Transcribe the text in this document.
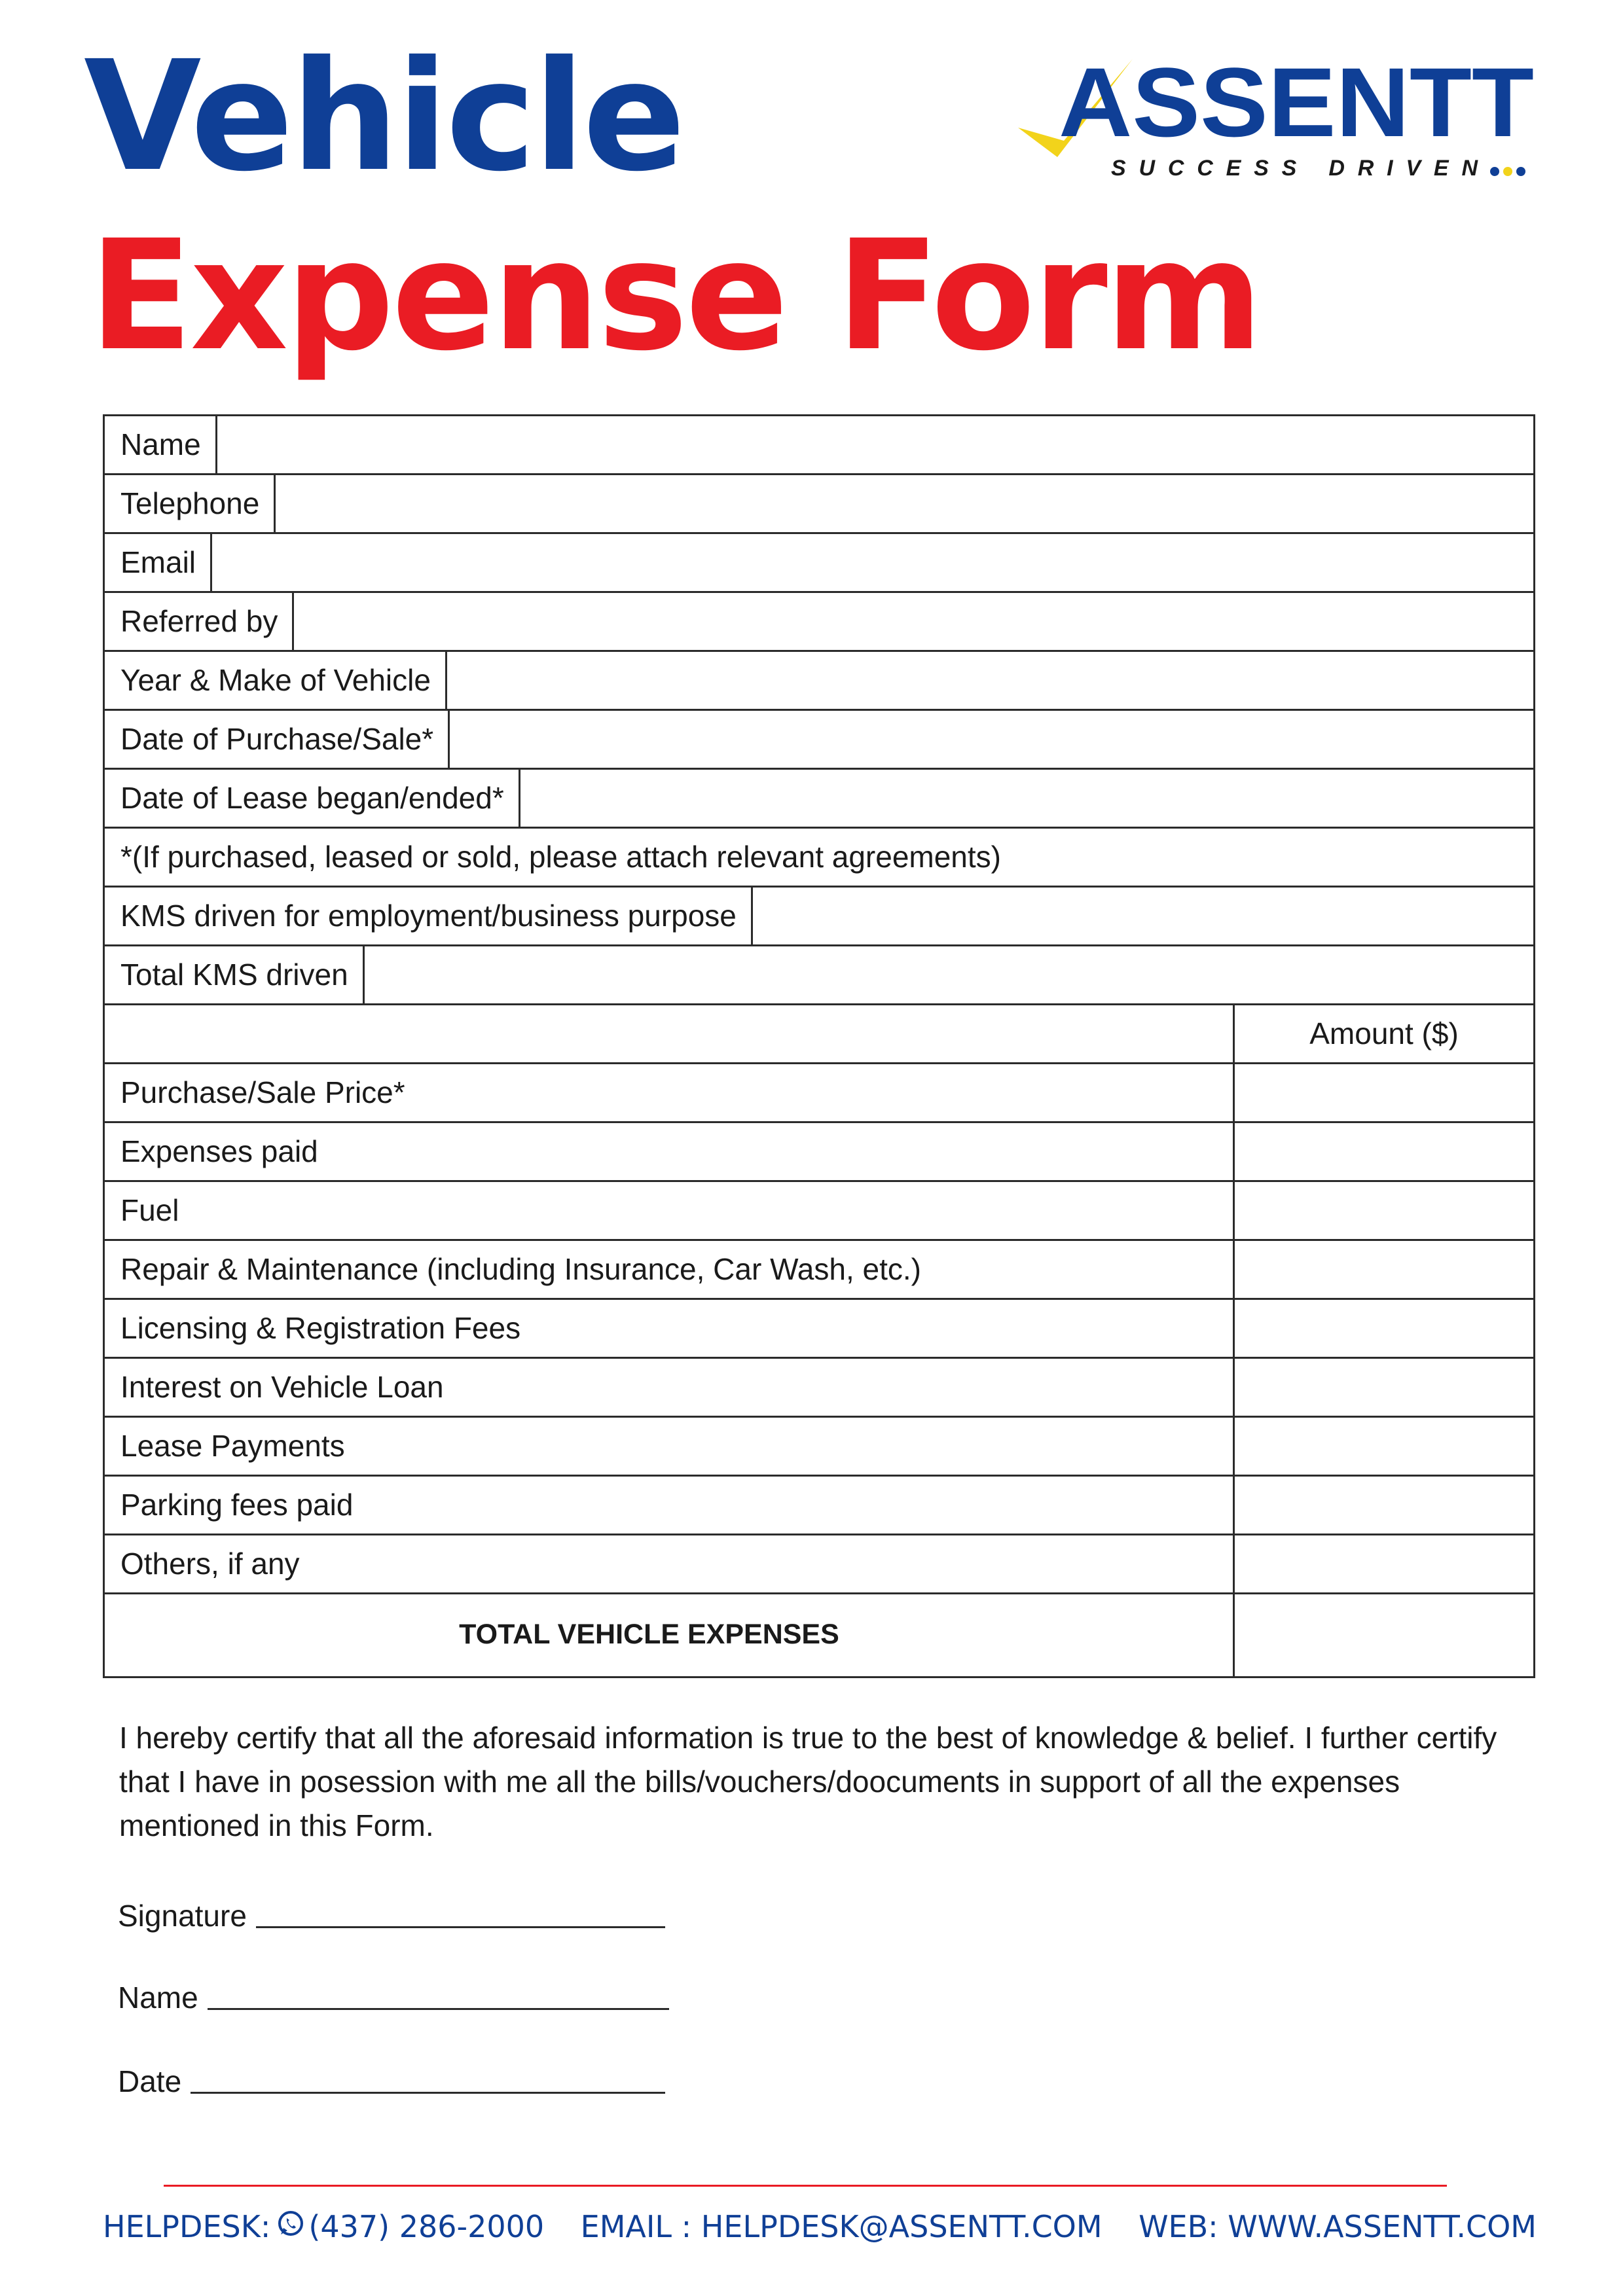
Vehicle
Expense Form
ASSENTT
SUCCESS DRIVEN
Name
Telephone
Email
Referred by
Year & Make of Vehicle
Date of Purchase/Sale*
Date of Lease began/ended*
*(If purchased, leased or sold, please attach relevant agreements)
KMS driven for employment/business purpose
Total KMS driven
Amount ($)
Purchase/Sale Price*
Expenses paid
Fuel
Repair & Maintenance (including Insurance, Car Wash, etc.)
Licensing & Registration Fees
Interest on Vehicle Loan
Lease Payments
Parking fees paid
Others, if any
TOTAL VEHICLE EXPENSES
I hereby certify that all the aforesaid information is true to the best of knowledge & belief. I further certify that I have in posession with me all the bills/vouchers/doocuments in support of all the expenses mentioned in this Form.
Signature
Name
Date
HELPDESK: (437) 286-2000 EMAIL : HELPDESK@ASSENTT.COM WEB: WWW.ASSENTT.COM
